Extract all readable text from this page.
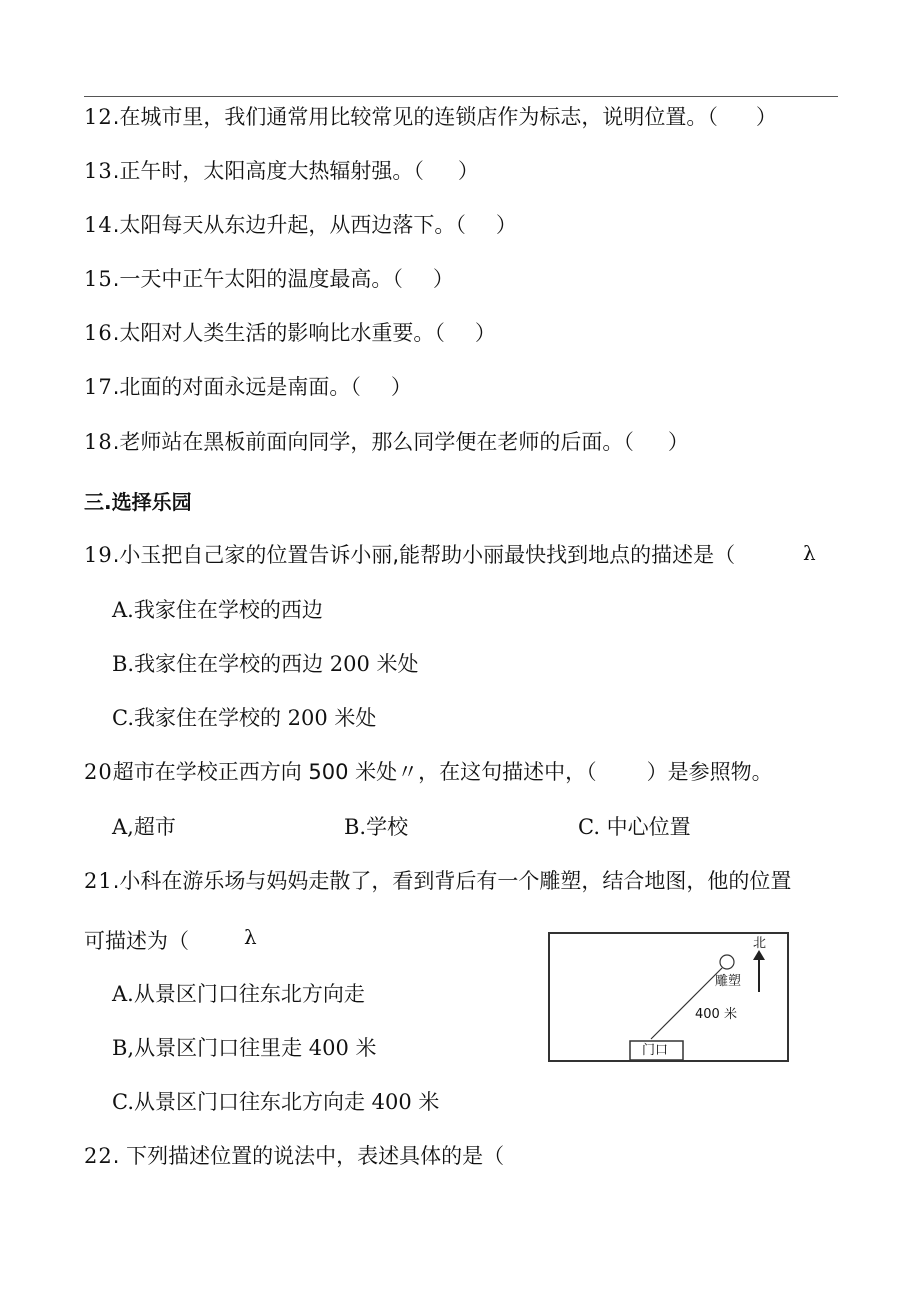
12.在城市里，我们通常用比较常见的连锁店作为标志，说明位置。（ ）
13.正午时，太阳高度大热辐射强。（ ）
14.太阳每天从东边升起，从西边落下。（ ）
15.一天中正午太阳的温度最高。（ ）
16.太阳对人类生活的影响比水重要。（ ）
17.北面的对面永远是南面。（ ）
18.老师站在黑板前面向同学，那么同学便在老师的后面。（ ）
三.选择乐园
19.小玉把自己家的位置告诉小丽,能帮助小丽最快找到地点的描述是（	λ
A.我家住在学校的西边
B.我家住在学校的西边 200 米处
C.我家住在学校的 200 米处
20超市在学校正西方向 500 米处〃，在这句描述中，（ ）是参照物。
A,超市	B.学校	C. 中心位置
21.小科在游乐场与妈妈走散了，看到背后有一个雕塑，结合地图，他的位置
可描述为（	λ
A.从景区门口往东北方向走
B,从景区门口往里走 400 米
C.从景区门口往东北方向走 400 米
北
雕塑
400 米
门口
22. 下列描述位置的说法中，表述具体的是（
